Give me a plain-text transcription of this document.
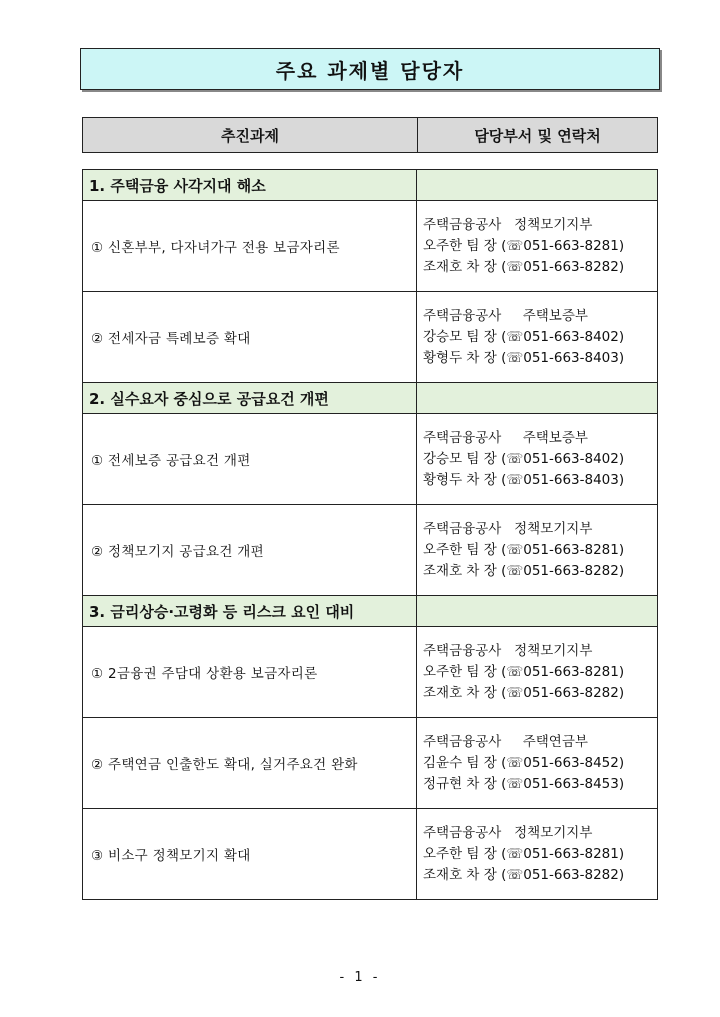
주요 과제별 담당자
추진과제	담당부서 및 연락처
1. 주택금융 사각지대 해소
① 신혼부부, 다자녀가구 전용 보금자리론
주택금융공사   정책모기지부
오주한 팀 장 (☏051-663-8281)
조재호 차 장 (☏051-663-8282)
② 전세자금 특례보증 확대
주택금융공사     주택보증부
강승모 팀 장 (☏051-663-8402)
황형두 차 장 (☏051-663-8403)
2. 실수요자 중심으로 공급요건 개편
① 전세보증 공급요건 개편
주택금융공사     주택보증부
강승모 팀 장 (☏051-663-8402)
황형두 차 장 (☏051-663-8403)
② 정책모기지 공급요건 개편
주택금융공사   정책모기지부
오주한 팀 장 (☏051-663-8281)
조재호 차 장 (☏051-663-8282)
3. 금리상승·고령화 등 리스크 요인 대비
① 2금융권 주담대 상환용 보금자리론
주택금융공사   정책모기지부
오주한 팀 장 (☏051-663-8281)
조재호 차 장 (☏051-663-8282)
② 주택연금 인출한도 확대, 실거주요건 완화
주택금융공사     주택연금부
김윤수 팀 장 (☏051-663-8452)
정규현 차 장 (☏051-663-8453)
③ 비소구 정책모기지 확대
주택금융공사   정책모기지부
오주한 팀 장 (☏051-663-8281)
조재호 차 장 (☏051-663-8282)
- 1 -
